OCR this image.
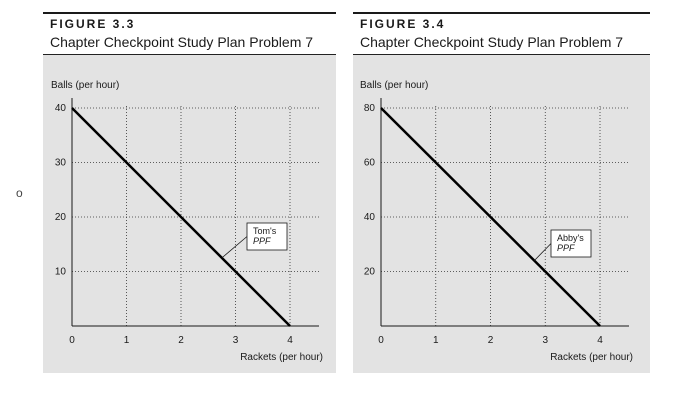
o
FIGURE 3.3
Chapter Checkpoint Study Plan Problem 7
Balls (per hour)
Rackets (per hour)
10
20
30
40
0	1	2	3	4
Tom's
PPF
FIGURE 3.4
Chapter Checkpoint Study Plan Problem 7
Balls (per hour)
Rackets (per hour)
20
40
60
80
0	1	2	3	4
Abby's
PPF
